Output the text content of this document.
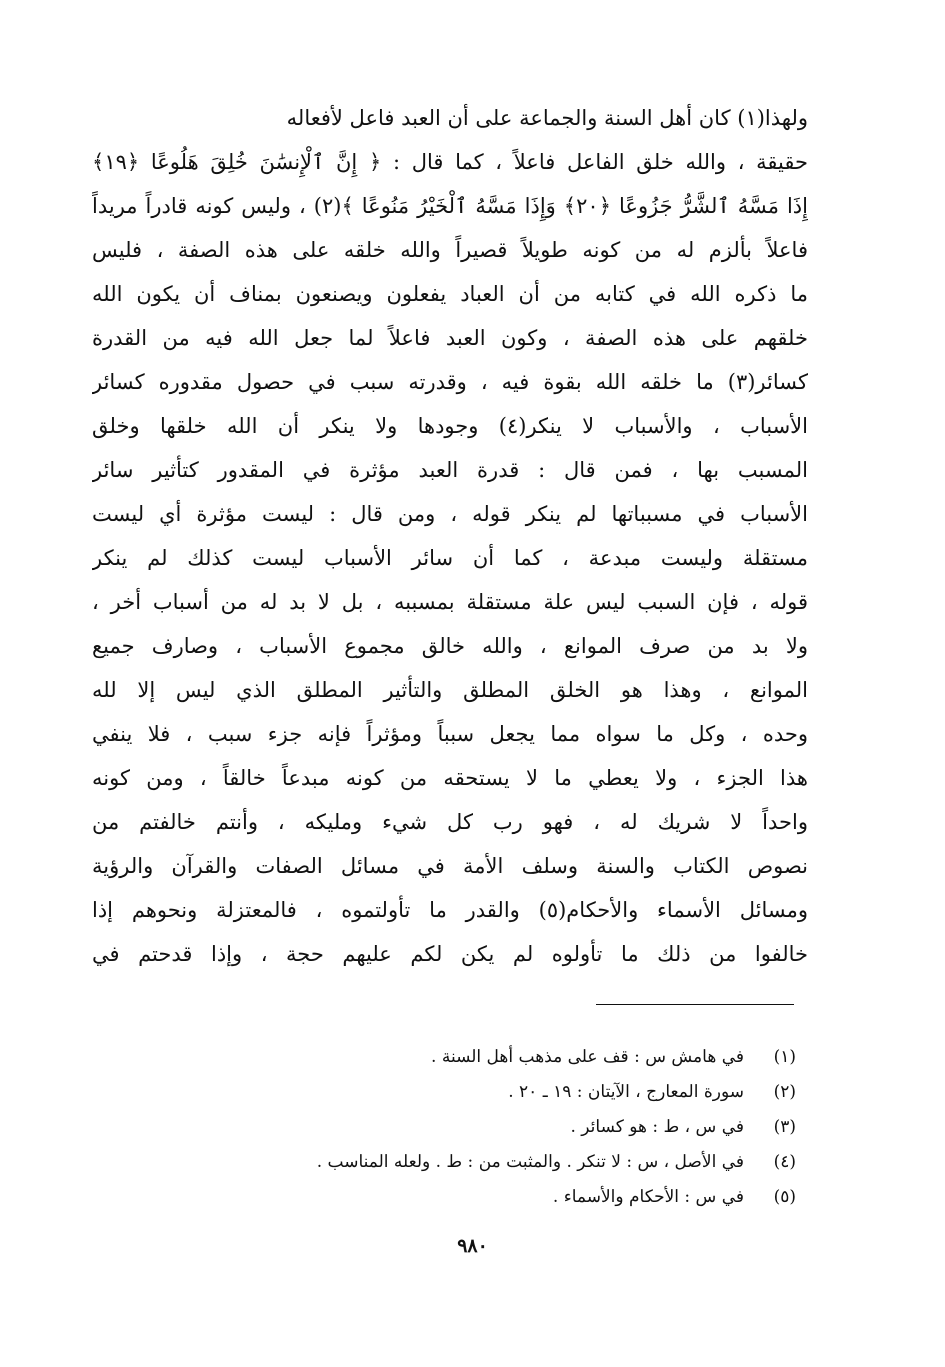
ولهذا(١) كان أهل السنة والجماعة على أن العبد فاعل لأفعاله
حقيقة ، والله خلق الفاعل فاعلاً ، كما قال : ﴿ إِنَّ ٱلْإِنسَٰنَ خُلِقَ هَلُوعًا ﴿١٩﴾
إِذَا مَسَّهُ ٱلشَّرُّ جَزُوعًا ﴿٢٠﴾ وَإِذَا مَسَّهُ ٱلْخَيْرُ مَنُوعًا ﴾(٢) ، وليس كونه قادراً مريداً
فاعلاً بألزم له من كونه طويلاً قصيراً والله خلقه على هذه الصفة ، فليس
ما ذكره الله في كتابه من أن العباد يفعلون ويصنعون بمناف أن يكون الله
خلقهم على هذه الصفة ، وكون العبد فاعلاً لما جعل الله فيه من القدرة
كسائر(٣) ما خلقه الله بقوة فيه ، وقدرته سبب في حصول مقدوره كسائر
الأسباب ، والأسباب لا ينكر(٤) وجودها ولا ينكر أن الله خلقها وخلق
المسبب بها ، فمن قال : قدرة العبد مؤثرة في المقدور كتأثير سائر
الأسباب في مسبباتها لم ينكر قوله ، ومن قال : ليست مؤثرة أي ليست
مستقلة وليست مبدعة ، كما أن سائر الأسباب ليست كذلك لم ينكر
قوله ، فإن السبب ليس علة مستقلة بمسببه ، بل لا بد له من أسباب أخر ،
ولا بد من صرف الموانع ، والله خالق مجموع الأسباب ، وصارف جميع
الموانع ، وهذا هو الخلق المطلق والتأثير المطلق الذي ليس إلا لله
وحده ، وكل ما سواه مما يجعل سبباً ومؤثراً فإنه جزء سبب ، فلا ينفي
هذا الجزء ، ولا يعطي ما لا يستحقه من كونه مبدعاً خالقاً ، ومن كونه
واحداً لا شريك له ، فهو رب كل شيء ومليكه ، وأنتم خالفتم من
نصوص الكتاب والسنة وسلف الأمة في مسائل الصفات والقرآن والرؤية
ومسائل الأسماء والأحكام(٥) والقدر ما تأولتموه ، فالمعتزلة ونحوهم إذا
خالفوا من ذلك ما تأولوه لم يكن لكم عليهم حجة ، وإذا قدحتم في
(١)
في هامش س : قف على مذهب أهل السنة .
(٢)
سورة المعارج ، الآيتان : ١٩ ـ ٢٠ .
(٣)
في س ، ط : هو كسائر .
(٤)
في الأصل ، س : لا تنكر . والمثبت من : ط . ولعله المناسب .
(٥)
في س : الأحكام والأسماء .
٩٨٠
